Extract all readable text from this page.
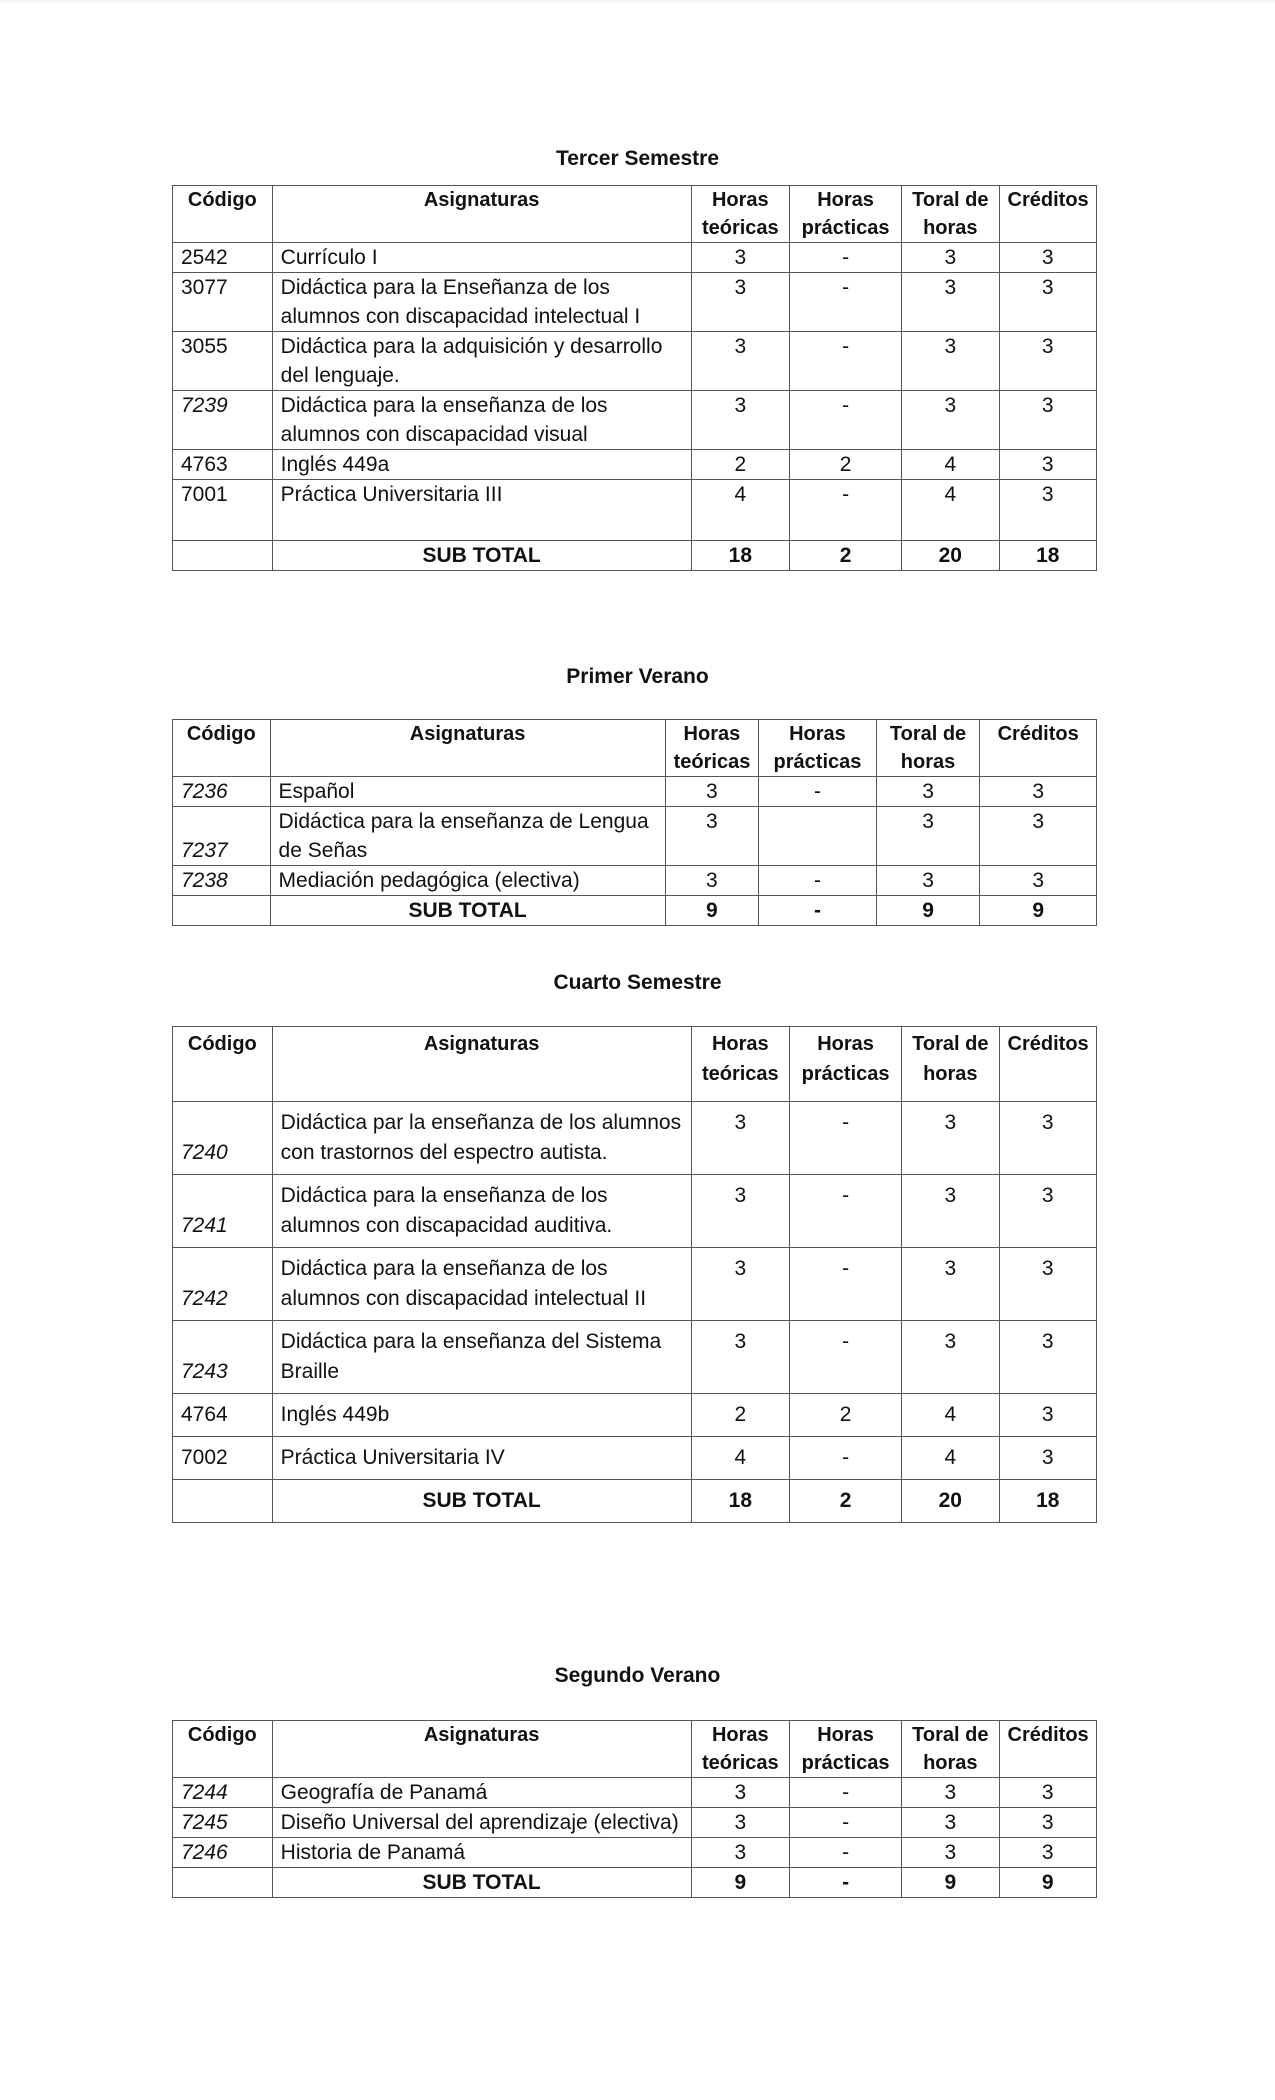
Tercer Semestre
Código	Asignaturas	Horas teóricas	Horas prácticas	Toral de horas	Créditos
2542	Currículo I	3	-	3	3
3077	Didáctica para la Enseñanza de los alumnos con discapacidad intelectual I	3	-	3	3
3055	Didáctica para la adquisición y desarrollo del lenguaje.	3	-	3	3
7239	Didáctica para la enseñanza de los alumnos con discapacidad visual	3	-	3	3
4763	Inglés 449a	2	2	4	3
7001	Práctica Universitaria III	4	-	4	3
	SUB TOTAL	18	2	20	18
Primer Verano
Código	Asignaturas	Horas teóricas	Horas prácticas	Toral de horas	Créditos
7236	Español	3	-	3	3
7237	Didáctica para la enseñanza de Lengua de Señas	3		3	3
7238	Mediación pedagógica (electiva)	3	-	3	3
	SUB TOTAL	9	-	9	9
Cuarto Semestre
Código	Asignaturas	Horas teóricas	Horas prácticas	Toral de horas	Créditos
7240	Didáctica par la enseñanza de los alumnos con trastornos del espectro autista.	3	-	3	3
7241	Didáctica para la enseñanza de los alumnos con discapacidad auditiva.	3	-	3	3
7242	Didáctica para la enseñanza de los alumnos con discapacidad intelectual II	3	-	3	3
7243	Didáctica para la enseñanza del Sistema Braille	3	-	3	3
4764	Inglés 449b	2	2	4	3
7002	Práctica Universitaria IV	4	-	4	3
	SUB TOTAL	18	2	20	18
Segundo Verano
Código	Asignaturas	Horas teóricas	Horas prácticas	Toral de horas	Créditos
7244	Geografía de Panamá	3	-	3	3
7245	Diseño Universal del aprendizaje (electiva)	3	-	3	3
7246	Historia de Panamá	3	-	3	3
	SUB TOTAL	9	-	9	9
